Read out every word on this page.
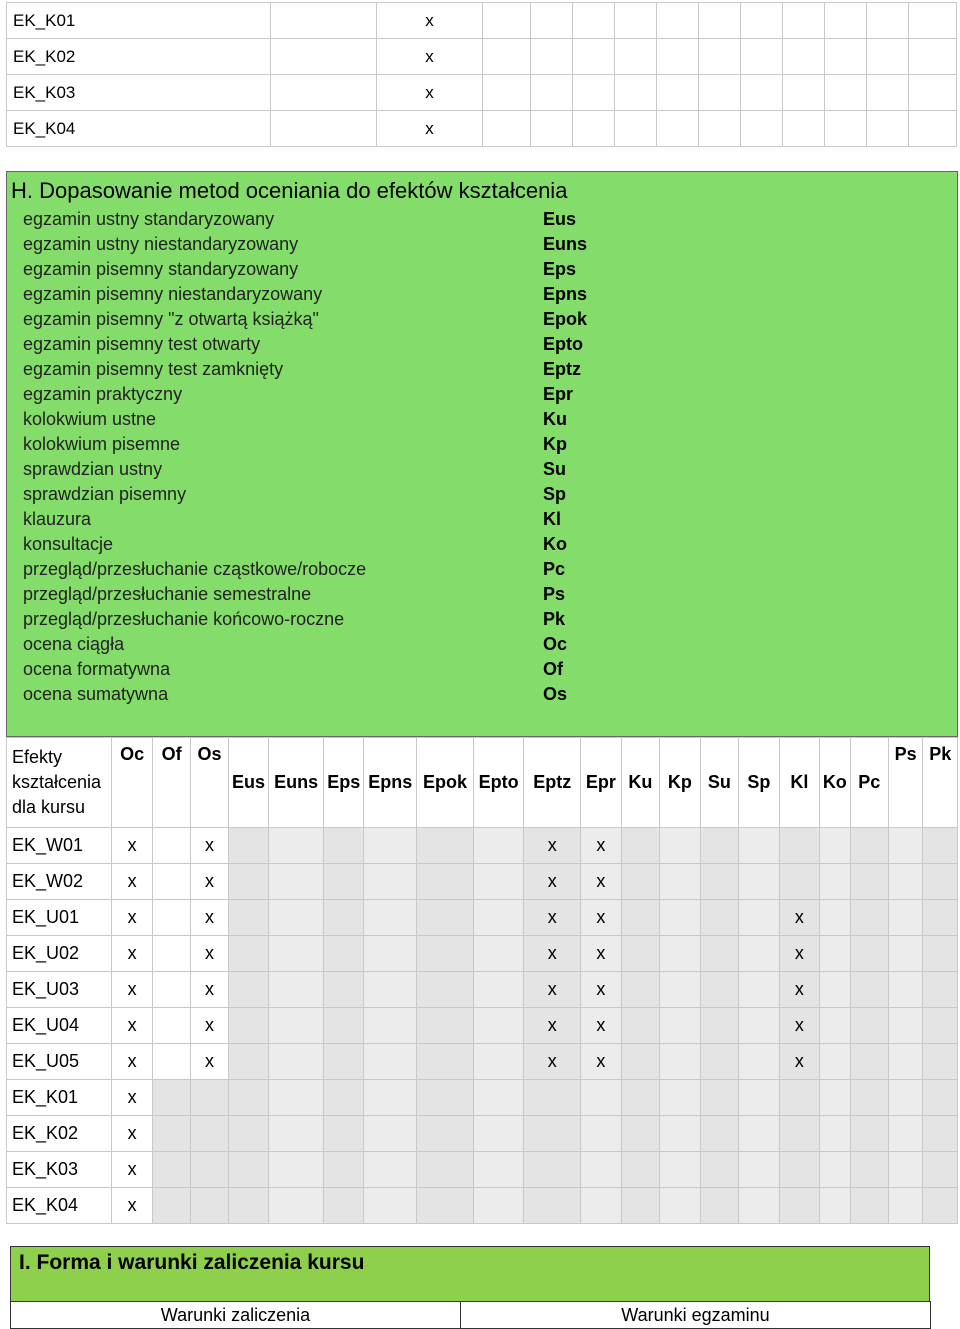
EK_K01		x											
EK_K02		x											
EK_K03		x											
EK_K04		x											
H. Dopasowanie metod oceniania do efektów kształcenia
egzamin ustny standaryzowany	Eus
egzamin ustny niestandaryzowany	Euns
egzamin pisemny standaryzowany	Eps
egzamin pisemny niestandaryzowany	Epns
egzamin pisemny "z otwartą książką"	Epok
egzamin pisemny test otwarty	Epto
egzamin pisemny test zamknięty	Eptz
egzamin praktyczny	Epr
kolokwium ustne	Ku
kolokwium pisemne	Kp
sprawdzian ustny	Su
sprawdzian pisemny	Sp
klauzura	Kl
konsultacje	Ko
przegląd/przesłuchanie cząstkowe/robocze	Pc
przegląd/przesłuchanie semestralne	Ps
przegląd/przesłuchanie końcowo-roczne	Pk
ocena ciągła	Oc
ocena formatywna	Of
ocena sumatywna	Os
Efekty kształcenia dla kursu	Oc	Of	Os	Eus	Euns	Eps	Epns	Epok	Epto	Eptz	Epr	Ku	Kp	Su	Sp	Kl	Ko	Pc	Ps	Pk
EK_W01	x		x							x	x									
EK_W02	x		x							x	x									
EK_U01	x		x							x	x					x				
EK_U02	x		x							x	x					x				
EK_U03	x		x							x	x					x				
EK_U04	x		x							x	x					x				
EK_U05	x		x							x	x					x				
EK_K01	x																			
EK_K02	x																			
EK_K03	x																			
EK_K04	x																			
I. Forma i warunki zaliczenia kursu
Warunki zaliczenia	Warunki egzaminu
